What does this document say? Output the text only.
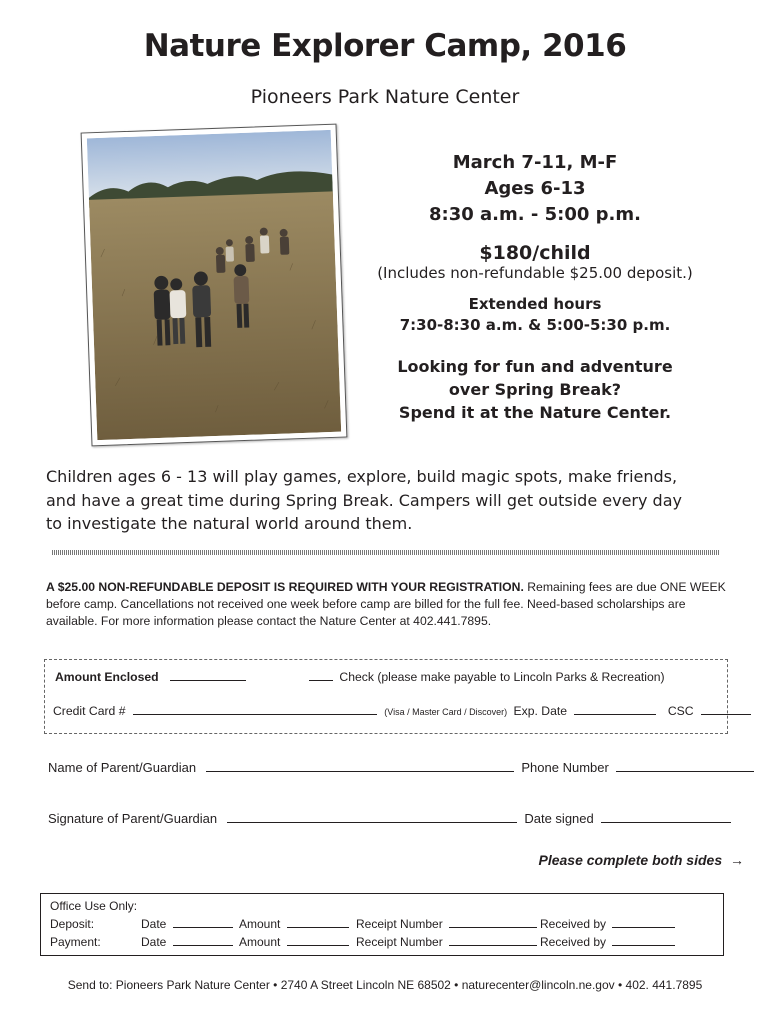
Nature Explorer Camp, 2016
Pioneers Park Nature Center
March 7-11, M-F
Ages 6-13
8:30 a.m. - 5:00 p.m.
$180/child
(Includes non-refundable $25.00 deposit.)
Extended hours
7:30-8:30 a.m. & 5:00-5:30 p.m.
Looking for fun and adventure
over Spring Break?
Spend it at the Nature Center.
Children ages 6 - 13 will play games, explore, build magic spots, make friends,
and have a great time during Spring Break. Campers will get outside every day
to investigate the natural world around them.
A $25.00 NON-REFUNDABLE DEPOSIT IS REQUIRED WITH YOUR REGISTRATION. Remaining fees are due ONE WEEK
before camp. Cancellations not received one week before camp are billed for the full fee. Need-based scholarships are
available. For more information please contact the Nature Center at 402.441.7895.
Amount Enclosed	Check (please make payable to Lincoln Parks & Recreation)
Credit Card #	(Visa / Master Card / Discover) Exp. Date	CSC
Name of Parent/Guardian	Phone Number
Signature of Parent/Guardian	Date signed
Please complete both sides →
Office Use Only:
Deposit:	Date	Amount	Receipt Number	Received by
Payment:	Date	Amount	Receipt Number	Received by
Send to: Pioneers Park Nature Center • 2740 A Street Lincoln NE 68502 • naturecenter@lincoln.ne.gov • 402. 441.7895
